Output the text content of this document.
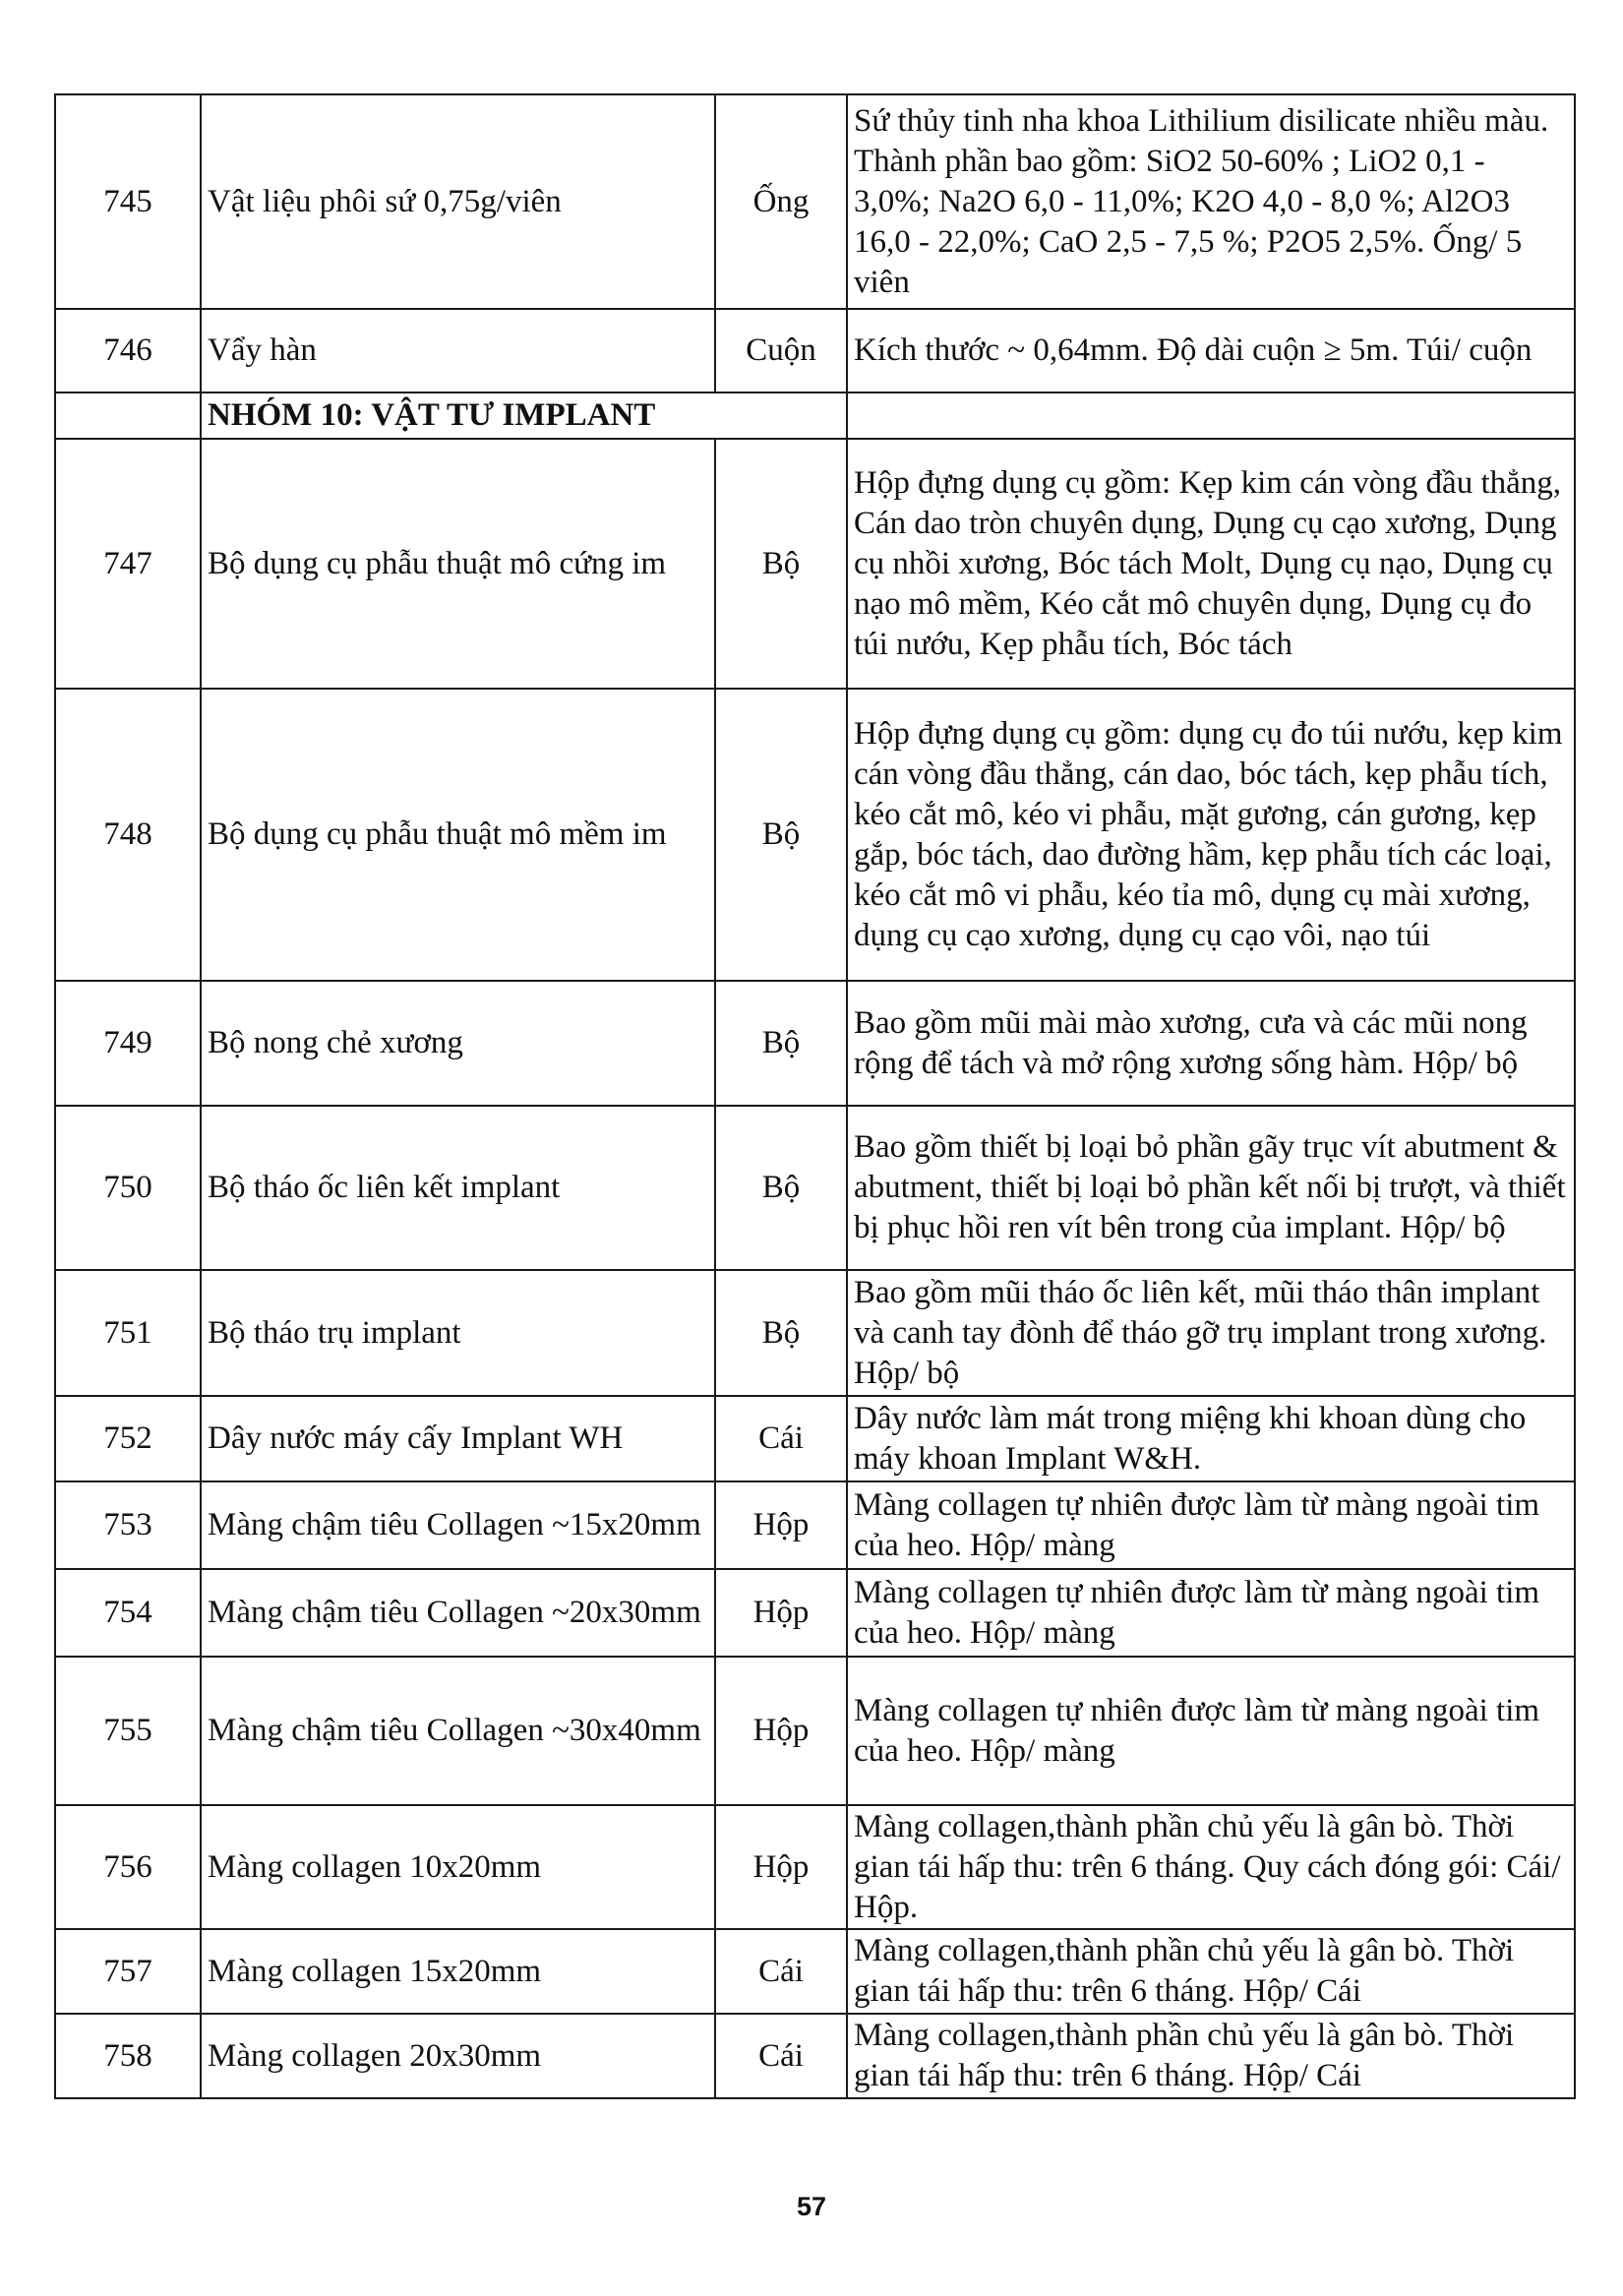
745	Vật liệu phôi sứ 0,75g/viên	Ống	Sứ thủy tinh nha khoa Lithilium disilicate nhiều màu. Thành phần bao gồm: SiO2 50-60% ; LiO2 0,1 - 3,0%; Na2O 6,0 - 11,0%; K2O 4,0 - 8,0 %; Al2O3 16,0 - 22,0%; CaO 2,5 - 7,5 %; P2O5 2,5%. Ống/ 5 viên
746	Vẩy hàn	Cuộn	Kích thước ~ 0,64mm. Độ dài cuộn ≥ 5m. Túi/ cuộn
	NHÓM 10: VẬT TƯ IMPLANT		
747	Bộ dụng cụ phẫu thuật mô cứng im	Bộ	Hộp đựng dụng cụ gồm: Kẹp kim cán vòng đầu thẳng, Cán dao tròn chuyên dụng, Dụng cụ cạo xương, Dụng cụ nhồi xương, Bóc tách Molt, Dụng cụ nạo, Dụng cụ nạo mô mềm, Kéo cắt mô chuyên dụng, Dụng cụ đo túi nướu, Kẹp phẫu tích, Bóc tách
748	Bộ dụng cụ phẫu thuật mô mềm im	Bộ	Hộp đựng dụng cụ gồm: dụng cụ đo túi nướu, kẹp kim cán vòng đầu thẳng, cán dao, bóc tách, kẹp phẫu tích, kéo cắt mô, kéo vi phẫu, mặt gương, cán gương, kẹp gắp, bóc tách, dao đường hầm, kẹp phẫu tích các loại, kéo cắt mô vi phẫu, kéo tỉa mô, dụng cụ mài xương, dụng cụ cạo xương, dụng cụ cạo vôi, nạo túi
749	Bộ nong chẻ xương	Bộ	Bao gồm mũi mài mào xương, cưa và các mũi nong rộng để tách và mở rộng xương sống hàm. Hộp/ bộ
750	Bộ tháo ốc liên kết implant	Bộ	Bao gồm thiết bị loại bỏ phần gãy trục vít abutment & abutment, thiết bị loại bỏ phần kết nối bị trượt, và thiết bị phục hồi ren vít bên trong của implant. Hộp/ bộ
751	Bộ tháo trụ implant	Bộ	Bao gồm mũi tháo ốc liên kết, mũi tháo thân implant và canh tay đònh để tháo gỡ trụ implant trong xương. Hộp/ bộ
752	Dây nước máy cấy Implant WH	Cái	Dây nước làm mát trong miệng khi khoan dùng cho máy khoan Implant W&H.
753	Màng chậm tiêu Collagen ~15x20mm	Hộp	Màng collagen tự nhiên được làm từ màng ngoài tim của heo. Hộp/ màng
754	Màng chậm tiêu Collagen ~20x30mm	Hộp	Màng collagen tự nhiên được làm từ màng ngoài tim của heo. Hộp/ màng
755	Màng chậm tiêu Collagen ~30x40mm	Hộp	Màng collagen tự nhiên được làm từ màng ngoài tim của heo. Hộp/ màng
756	Màng collagen 10x20mm	Hộp	Màng collagen,thành phần chủ yếu là gân bò. Thời gian tái hấp thu: trên 6 tháng. Quy cách đóng gói: Cái/ Hộp.
757	Màng collagen 15x20mm	Cái	Màng collagen,thành phần chủ yếu là gân bò. Thời gian tái hấp thu: trên 6 tháng. Hộp/ Cái
758	Màng collagen 20x30mm	Cái	Màng collagen,thành phần chủ yếu là gân bò. Thời gian tái hấp thu: trên 6 tháng. Hộp/ Cái
57
